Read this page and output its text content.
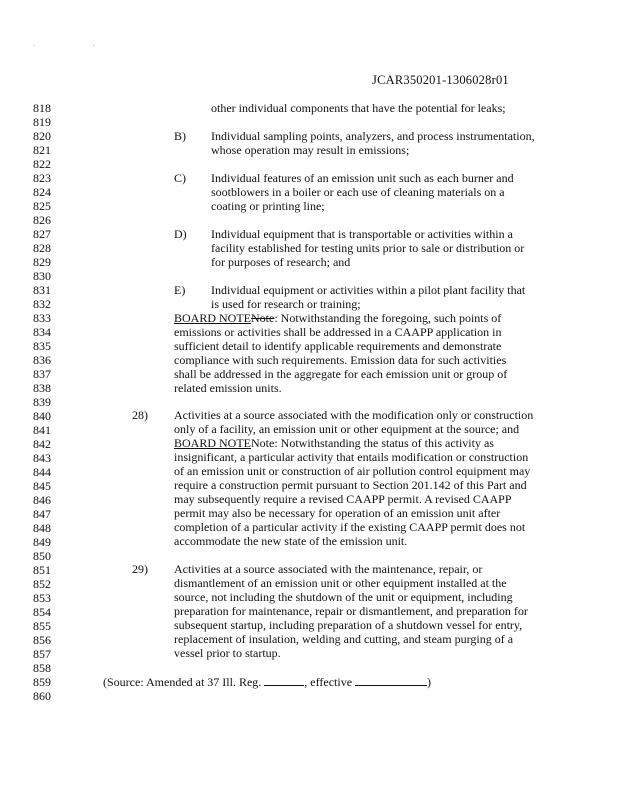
. .
JCAR350201-1306028r01
818
819
820
821
822
823
824
825
826
827
828
829
830
831
832
833
834
835
836
837
838
839
840
841
842
843
844
845
846
847
848
849
850
851
852
853
854
855
856
857
858
859
860
other individual components that have the potential for leaks;
B) Individual sampling points, analyzers, and process instrumentation,
whose operation may result in emissions;
C) Individual features of an emission unit such as each burner and
sootblowers in a boiler or each use of cleaning materials on a
coating or printing line;
D) Individual equipment that is transportable or activities within a
facility established for testing units prior to sale or distribution or
for purposes of research; and
E) Individual equipment or activities within a pilot plant facility that
is used for research or training;
BOARD NOTENote: Notwithstanding the foregoing, such points of
emissions or activities shall be addressed in a CAAPP application in
sufficient detail to identify applicable requirements and demonstrate
compliance with such requirements. Emission data for such activities
shall be addressed in the aggregate for each emission unit or group of
related emission units.
28) Activities at a source associated with the modification only or construction
only of a facility, an emission unit or other equipment at the source; and
BOARD NOTENote: Notwithstanding the status of this activity as
insignificant, a particular activity that entails modification or construction
of an emission unit or construction of air pollution control equipment may
require a construction permit pursuant to Section 201.142 of this Part and
may subsequently require a revised CAAPP permit. A revised CAAPP
permit may also be necessary for operation of an emission unit after
completion of a particular activity if the existing CAAPP permit does not
accommodate the new state of the emission unit.
29) Activities at a source associated with the maintenance, repair, or
dismantlement of an emission unit or other equipment installed at the
source, not including the shutdown of the unit or equipment, including
preparation for maintenance, repair or dismantlement, and preparation for
subsequent startup, including preparation of a shutdown vessel for entry,
replacement of insulation, welding and cutting, and steam purging of a
vessel prior to startup.
(Source: Amended at 37 Ill. Reg.	, effective	)
